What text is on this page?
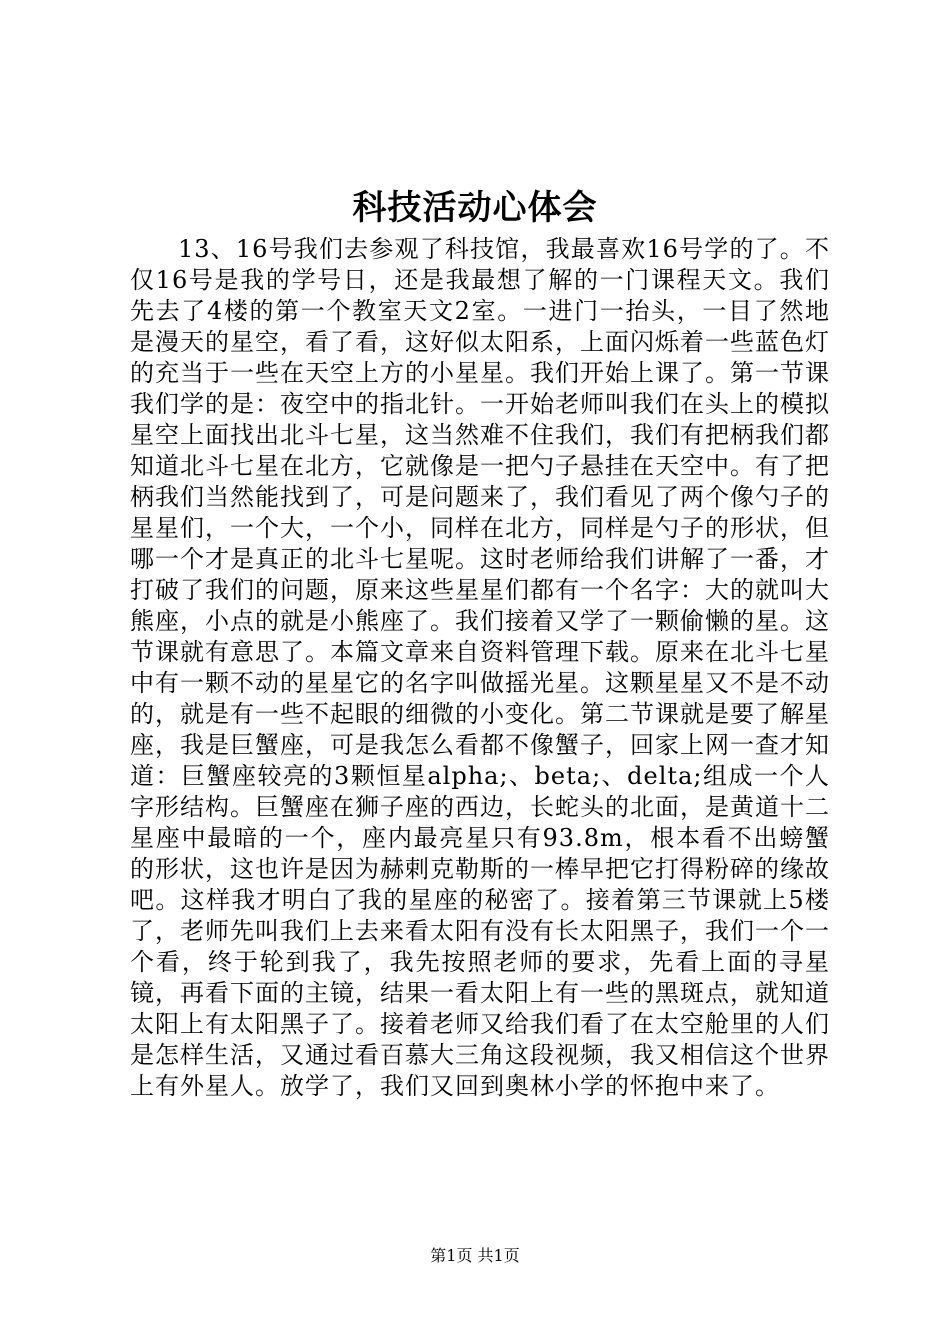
科技活动心体会

13、16号我们去参观了科技馆，我最喜欢16号学的了。不仅16号是我的学号日，还是我最想了解的一门课程天文。我们先去了4楼的第一个教室天文2室。一进门一抬头，一目了然地是漫天的星空，看了看，这好似太阳系，上面闪烁着一些蓝色灯的充当于一些在天空上方的小星星。我们开始上课了。第一节课我们学的是：夜空中的指北针。一开始老师叫我们在头上的模拟星空上面找出北斗七星，这当然难不住我们，我们有把柄我们都知道北斗七星在北方，它就像是一把勺子悬挂在天空中。有了把柄我们当然能找到了，可是问题来了，我们看见了两个像勺子的星星们，一个大，一个小，同样在北方，同样是勺子的形状，但哪一个才是真正的北斗七星呢。这时老师给我们讲解了一番，才打破了我们的问题，原来这些星星们都有一个名字：大的就叫大熊座，小点的就是小熊座了。我们接着又学了一颗偷懒的星。这节课就有意思了。本篇文章来自资料管理下载。原来在北斗七星中有一颗不动的星星它的名字叫做摇光星。这颗星星又不是不动的，就是有一些不起眼的细微的小变化。第二节课就是要了解星座，我是巨蟹座，可是我怎么看都不像蟹子，回家上网一查才知道：巨蟹座较亮的3颗恒星alpha;、beta;、delta;组成一个人字形结构。巨蟹座在狮子座的西边，长蛇头的北面，是黄道十二星座中最暗的一个，座内最亮星只有93.8m，根本看不出螃蟹的形状，这也许是因为赫剌克勒斯的一棒早把它打得粉碎的缘故吧。这样我才明白了我的星座的秘密了。接着第三节课就上5楼了，老师先叫我们上去来看太阳有没有长太阳黑子，我们一个一个看，终于轮到我了，我先按照老师的要求，先看上面的寻星镜，再看下面的主镜，结果一看太阳上有一些的黑斑点，就知道太阳上有太阳黑子了。接着老师又给我们看了在太空舱里的人们是怎样生活，又通过看百慕大三角这段视频，我又相信这个世界上有外星人。放学了，我们又回到奥林小学的怀抱中来了。

第1页 共1页
